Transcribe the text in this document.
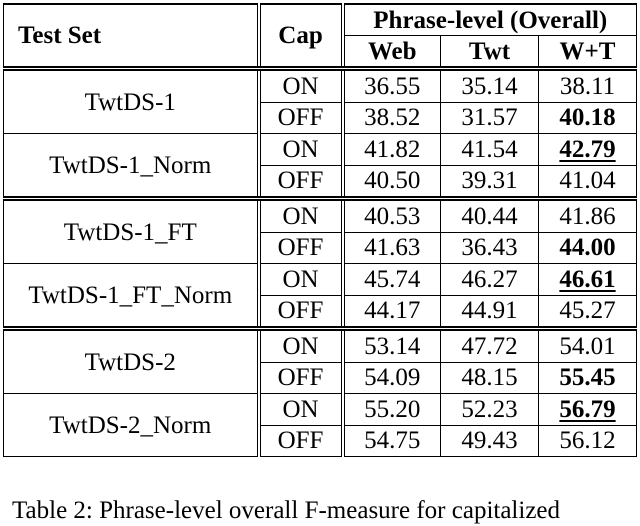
Test Set	Cap	Phrase-level (Overall)		
		Web	Twt	W+T
TwtDS-1	ON	36.55	35.14	38.11
	OFF	38.52	31.57	40.18
TwtDS-1_Norm	ON	41.82	41.54	42.79
	OFF	40.50	39.31	41.04
TwtDS-1_FT	ON	40.53	40.44	41.86
	OFF	41.63	36.43	44.00
TwtDS-1_FT_Norm	ON	45.74	46.27	46.61
	OFF	44.17	44.91	45.27
TwtDS-2	ON	53.14	47.72	54.01
	OFF	54.09	48.15	55.45
TwtDS-2_Norm	ON	55.20	52.23	56.79
	OFF	54.75	49.43	56.12
Table 2: Phrase-level overall F-measure for capitalized
